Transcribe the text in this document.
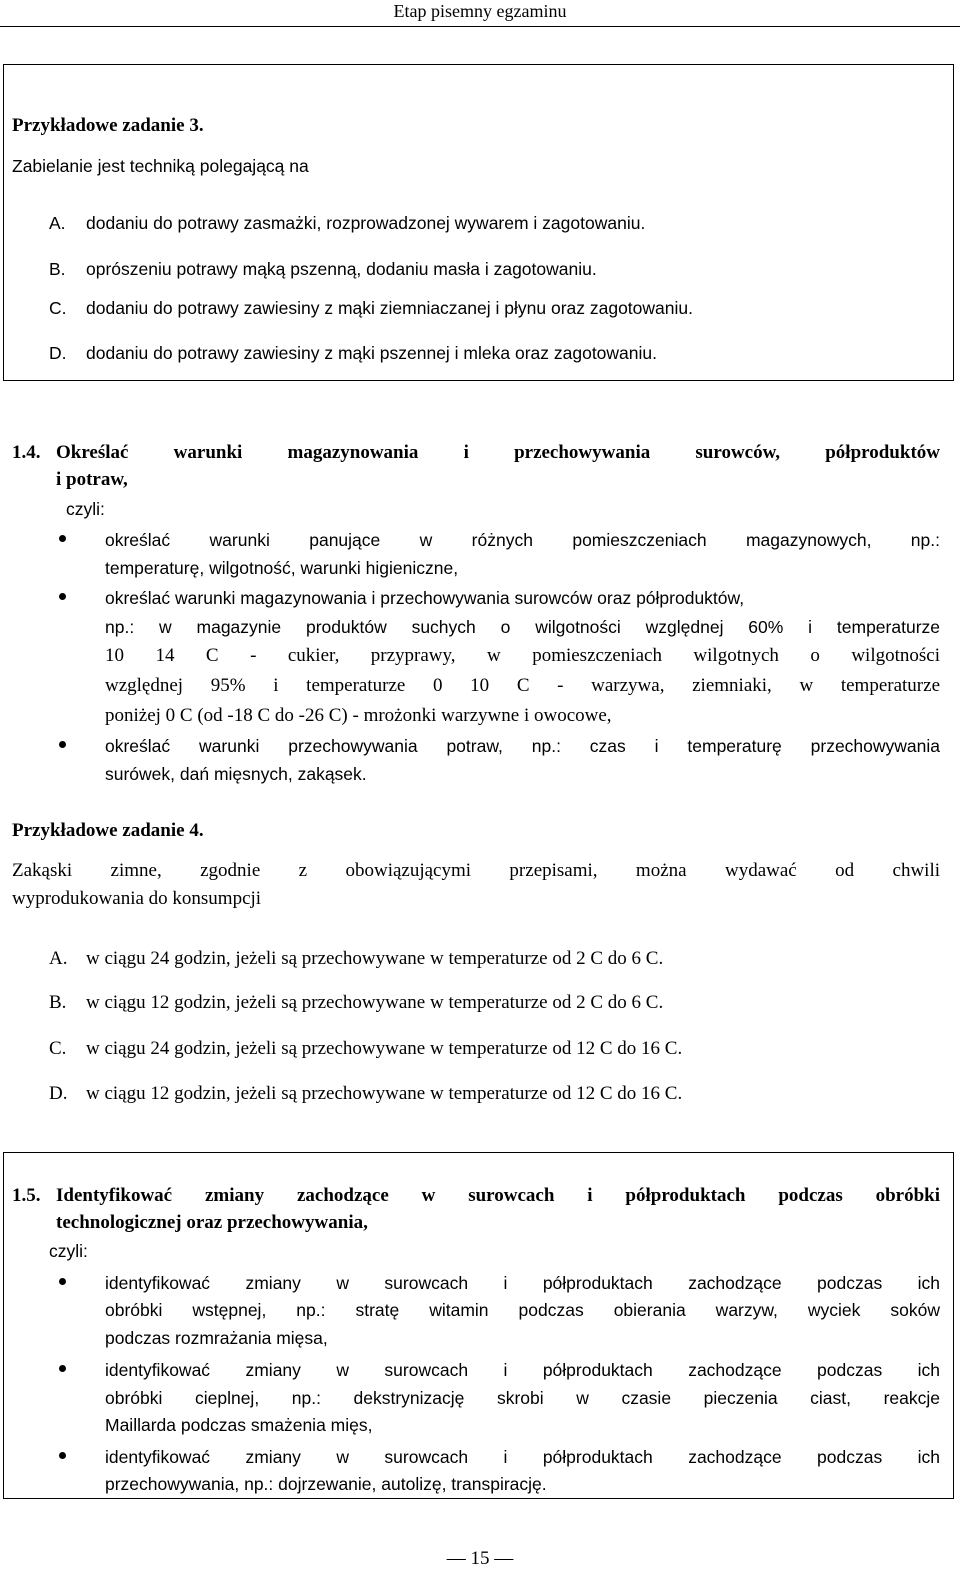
Etap pisemny egzaminu
Przykładowe zadanie 3.
Zabielanie jest techniką polegającą na
A. dodaniu do potrawy zasmażki, rozprowadzonej wywarem i zagotowaniu.
B. oprószeniu potrawy mąką pszenną, dodaniu masła i zagotowaniu.
C. dodaniu do potrawy zawiesiny z mąki ziemniaczanej i płynu oraz zagotowaniu.
D. dodaniu do potrawy zawiesiny z mąki pszennej i mleka oraz zagotowaniu.
1.4. Określać warunki magazynowania i przechowywania surowców, półproduktów
i potraw,
czyli:
określać warunki panujące w różnych pomieszczeniach magazynowych, np.:
temperaturę, wilgotność, warunki higieniczne,
określać warunki magazynowania i przechowywania surowców oraz półproduktów,
np.: w magazynie produktów suchych o wilgotności względnej 60% i temperaturze
10 14 C - cukier, przyprawy, w pomieszczeniach wilgotnych o wilgotności
względnej 95% i temperaturze 0 10 C - warzywa, ziemniaki, w temperaturze
poniżej 0 C (od -18 C do -26 C) - mrożonki warzywne i owocowe,
określać warunki przechowywania potraw, np.: czas i temperaturę przechowywania
surówek, dań mięsnych, zakąsek.
Przykładowe zadanie 4.
Zakąski zimne, zgodnie z obowiązującymi przepisami, można wydawać od chwili
wyprodukowania do konsumpcji
A. w ciągu 24 godzin, jeżeli są przechowywane w temperaturze od 2 C do 6 C.
B. w ciągu 12 godzin, jeżeli są przechowywane w temperaturze od 2 C do 6 C.
C. w ciągu 24 godzin, jeżeli są przechowywane w temperaturze od 12 C do 16 C.
D. w ciągu 12 godzin, jeżeli są przechowywane w temperaturze od 12 C do 16 C.
1.5. Identyfikować zmiany zachodzące w surowcach i półproduktach podczas obróbki
technologicznej oraz przechowywania,
czyli:
identyfikować zmiany w surowcach i półproduktach zachodzące podczas ich
obróbki wstępnej, np.: stratę witamin podczas obierania warzyw, wyciek soków
podczas rozmrażania mięsa,
identyfikować zmiany w surowcach i półproduktach zachodzące podczas ich
obróbki cieplnej, np.: dekstrynizację skrobi w czasie pieczenia ciast, reakcje
Maillarda podczas smażenia mięs,
identyfikować zmiany w surowcach i półproduktach zachodzące podczas ich
przechowywania, np.: dojrzewanie, autolizę, transpirację.
— 15 —
